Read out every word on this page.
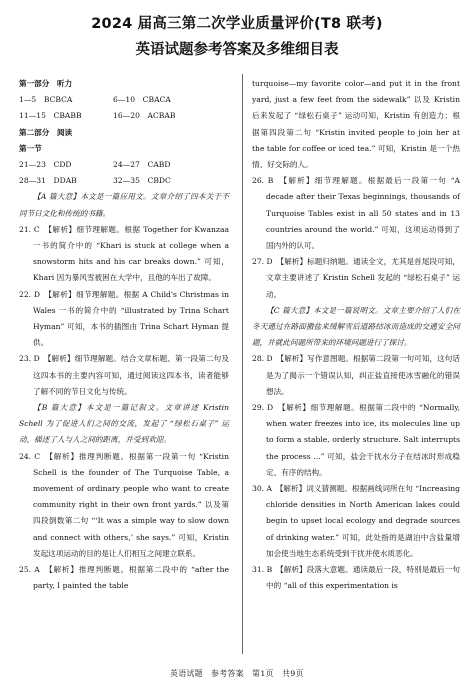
2024 届高三第二次学业质量评价(T8 联考)
英语试题参考答案及多维细目表
第一部分　听力
1—5　BCBCA	6—10　CBACA
11—15　CBABB	16—20　ACBAB
第二部分　阅读
第一节
21—23　CDD	24—27　CABD
28—31　DDAB	32—35　CBDC
【A 篇大意】本文是一篇应用文。文章介绍了四本关于不同节日文化和传统的书籍。
21. C　【解析】细节理解题。根据 Together for Kwanzaa 一书的简介中的 “Khari is stuck at college when a snowstorm hits and his car breaks down.” 可知，Khari 因为暴风雪被困在大学中，且他的车出了故障。
22. D　【解析】细节理解题。根据 A Child's Christmas in Wales 一书的简介中的 “illustrated by Trina Schart Hyman” 可知，本书的插图由 Trina Schart Hyman 提供。
23. D　【解析】细节理解题。结合文章标题、第一段第二句及这四本书的主要内容可知，通过阅读这四本书，读者能够了解不同的节日文化与传统。
【B 篇大意】本文是一篇记叙文。文章讲述 Kristin Schell 为了促进人们之间的交流，发起了 “绿松石桌子” 运动，描述了人与人之间的距离，并受到欢迎。
24. C　【解析】推理判断题。根据第一段第一句 “Kristin Schell is the founder of The Turquoise Table, a movement of ordinary people who want to create community right in their own front yards.” 以及第四段倒数第二句 “‘It was a simple way to slow down and connect with others,’ she says.” 可知，Kristin 发起这项运动的目的是让人们相互之间建立联系。
25. A　【解析】推理判断题。根据第二段中的 “after the party, I painted the table
turquoise—my favorite color—and put it in the front yard, just a few feet from the sidewalk” 以及 Kristin 后来发起了 “绿松石桌子” 运动可知，Kristin 有创造力；根据第四段第二句 “Kristin invited people to join her at the table for coffee or iced tea.” 可知，Kristin 是一个热情、好交际的人。
26. B　【解析】细节理解题。根据最后一段第一句 “A decade after their Texas beginnings, thousands of Turquoise Tables exist in all 50 states and in 13 countries around the world.” 可知，这项运动得到了国内外的认可。
27. D　【解析】标题归纳题。通读全文，尤其是首尾段可知，文章主要讲述了 Kristin Schell 发起的 “绿松石桌子” 运动。
【C 篇大意】本文是一篇说明文。文章主要介绍了人们在冬天通过在路面撒盐来缓解雪后道路结冰而造成的交通安全问题，并就此问题所带来的环境问题进行了探讨。
28. D　【解析】写作意图题。根据第二段第一句可知，这句话是为了揭示一个错误认知，纠正盐直接使冰雪融化的错误想法。
29. D　【解析】细节理解题。根据第二段中的 “Normally, when water freezes into ice, its molecules line up to form a stable, orderly structure. Salt interrupts the process ...” 可知，盐会干扰水分子在结冰时形成稳定、有序的结构。
30. A　【解析】词义猜测题。根据画线词所在句 “Increasing chloride densities in North American lakes could begin to upset local ecology and degrade sources of drinking water.” 可知，此处指的是湖泊中含盐量增加会使当地生态系统受到干扰并使水质恶化。
31. B　【解析】段落大意题。通读最后一段，特别是最后一句中的 “all of this experimentation is
英语试题　参考答案　第1页　共9页
